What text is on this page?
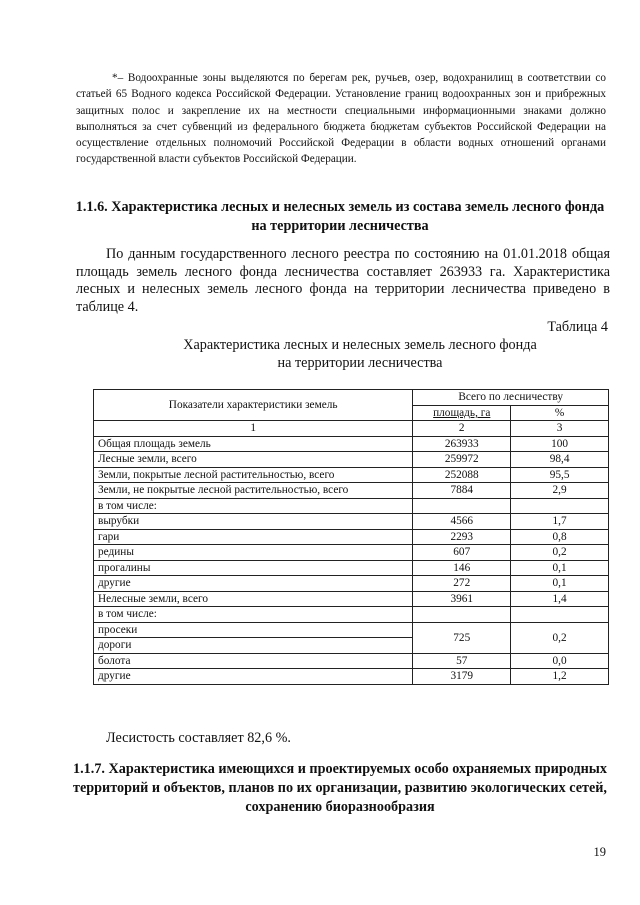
*– Водоохранные зоны выделяются по берегам рек, ручьев, озер, водохранилищ в соответствии со статьей 65 Водного кодекса Российской Федерации. Установление границ водоохранных зон и прибрежных защитных полос и закрепление их на местности специальными информационными знаками должно выполняться за счет субвенций из федерального бюджета бюджетам субъектов Российской Федерации на осуществление отдельных полномочий Российской Федерации в области водных отношений органами государственной власти субъектов Российской Федерации.
1.1.6. Характеристика лесных и нелесных земель из состава земель лесного фонда на территории лесничества

По данным государственного лесного реестра по состоянию на 01.01.2018 общая площадь земель лесного фонда лесничества составляет 263933 га. Характеристика лесных и нелесных земель лесного фонда на территории лесничества приведено в таблице 4.

Таблица 4
Характеристика лесных и нелесных земель лесного фонда
на территории лесничества
Показатели характеристики земель	Всего по лесничеству	
	площадь, га	%
1	2	3
Общая площадь земель	263933	100
Лесные земли, всего	259972	98,4
Земли, покрытые лесной растительностью, всего	252088	95,5
Земли, не покрытые лесной растительностью, всего	7884	2,9
в том числе:		
вырубки	4566	1,7
гари	2293	0,8
редины	607	0,2
прогалины	146	0,1
другие	272	0,1
Нелесные земли, всего	3961	1,4
в том числе:		
просеки	725	0,2
дороги		
болота	57	0,0
другие	3179	1,2
Лесистость составляет 82,6 %.
1.1.7. Характеристика имеющихся и проектируемых особо охраняемых природных территорий и объектов, планов по их организации, развитию экологических сетей, сохранению биоразнообразия
19
